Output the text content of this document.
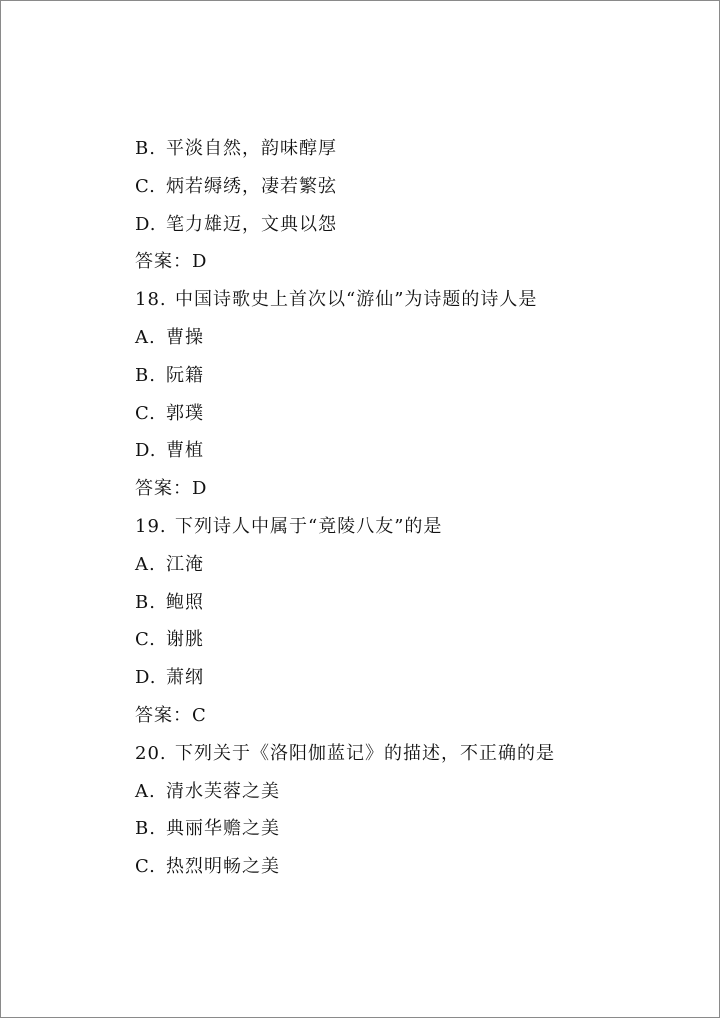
B. 平淡自然，韵味醇厚
C. 炳若缛绣，凄若繁弦
D. 笔力雄迈，文典以怨
答案：D
18. 中国诗歌史上首次以“游仙”为诗题的诗人是
A. 曹操
B. 阮籍
C. 郭璞
D. 曹植
答案：D
19. 下列诗人中属于“竟陵八友”的是
A. 江淹
B. 鲍照
C. 谢朓
D. 萧纲
答案：C
20. 下列关于《洛阳伽蓝记》的描述，不正确的是
A. 清水芙蓉之美
B. 典丽华赡之美
C. 热烈明畅之美
